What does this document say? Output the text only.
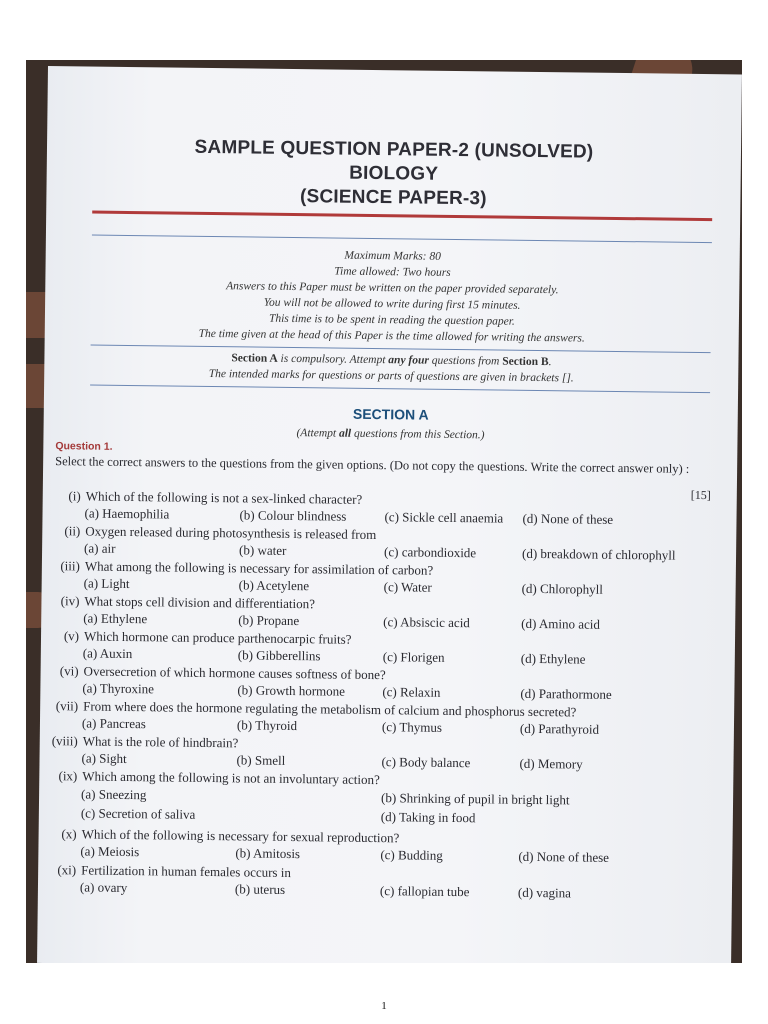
SAMPLE QUESTION PAPER-2 (UNSOLVED)
BIOLOGY
(SCIENCE PAPER-3)
Maximum Marks: 80
Time allowed: Two hours
Answers to this Paper must be written on the paper provided separately.
You will not be allowed to write during first 15 minutes.
This time is to be spent in reading the question paper.
The time given at the head of this Paper is the time allowed for writing the answers.
Section A is compulsory. Attempt any four questions from Section B.
The intended marks for questions or parts of questions are given in brackets [].
SECTION A
(Attempt all questions from this Section.)
Question 1.
Select the correct answers to the questions from the given options. (Do not copy the questions. Write the correct answer only) :
[15]
(i) Which of the following is not a sex-linked character?
(a) Haemophilia	(b) Colour blindness	(c) Sickle cell anaemia (d) None of these
(ii) Oxygen released during photosynthesis is released from
(a) air	(b) water	(c) carbondioxide	(d) breakdown of chlorophyll
(iii) What among the following is necessary for assimilation of carbon?
(a) Light	(b) Acetylene	(c) Water	(d) Chlorophyll
(iv) What stops cell division and differentiation?
(a) Ethylene	(b) Propane	(c) Absiscic acid	(d) Amino acid
(v) Which hormone can produce parthenocarpic fruits?
(a) Auxin	(b) Gibberellins	(c) Florigen	(d) Ethylene
(vi) Oversecretion of which hormone causes softness of bone?
(a) Thyroxine	(b) Growth hormone	(c) Relaxin	(d) Parathormone
(vii) From where does the hormone regulating the metabolism of calcium and phosphorus secreted?
(a) Pancreas	(b) Thyroid	(c) Thymus	(d) Parathyroid
(viii) What is the role of hindbrain?
(a) Sight	(b) Smell	(c) Body balance	(d) Memory
(ix) Which among the following is not an involuntary action?
(a) Sneezing	(b) Shrinking of pupil in bright light
(c) Secretion of saliva	(d) Taking in food
(x) Which of the following is necessary for sexual reproduction?
(a) Meiosis	(b) Amitosis	(c) Budding	(d) None of these
(xi) Fertilization in human females occurs in
(a) ovary	(b) uterus	(c) fallopian tube	(d) vagina
1
